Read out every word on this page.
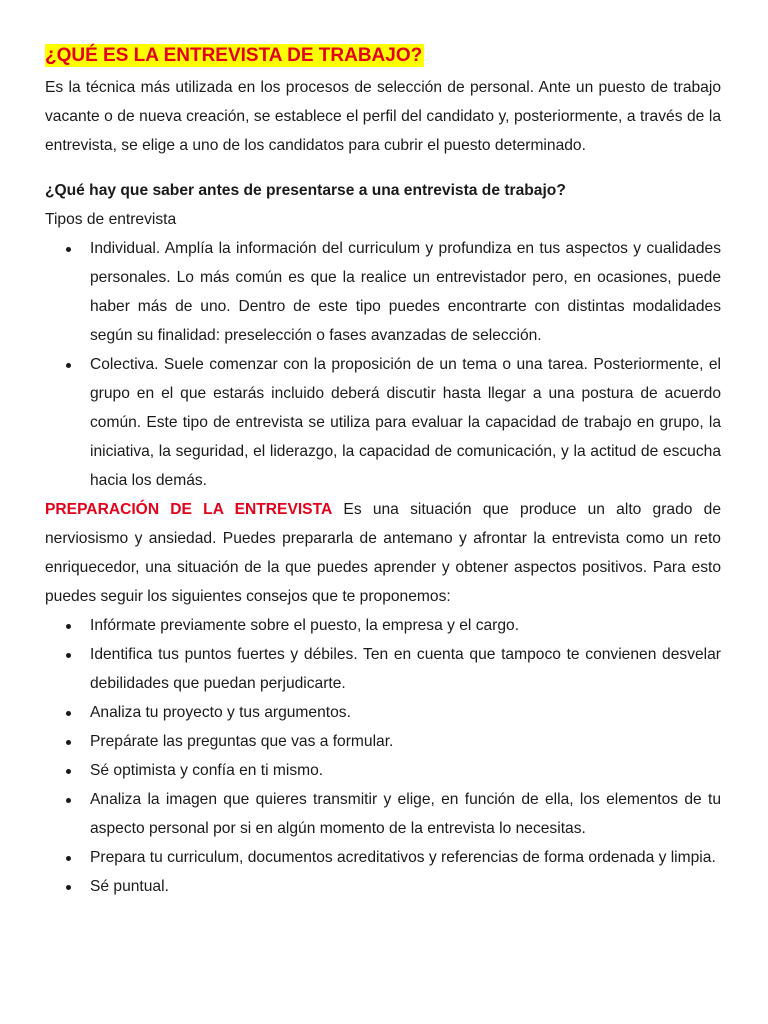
¿QUÉ ES LA ENTREVISTA DE TRABAJO?

Es la técnica más utilizada en los procesos de selección de personal. Ante un puesto de trabajo vacante o de nueva creación, se establece el perfil del candidato y, posteriormente, a través de la entrevista, se elige a uno de los candidatos para cubrir el puesto determinado.

¿Qué hay que saber antes de presentarse a una entrevista de trabajo?

Tipos de entrevista

Individual. Amplía la información del curriculum y profundiza en tus aspectos y cualidades personales. Lo más común es que la realice un entrevistador pero, en ocasiones, puede haber más de uno. Dentro de este tipo puedes encontrarte con distintas modalidades según su finalidad: preselección o fases avanzadas de selección.
Colectiva. Suele comenzar con la proposición de un tema o una tarea. Posteriormente, el grupo en el que estarás incluido deberá discutir hasta llegar a una postura de acuerdo común. Este tipo de entrevista se utiliza para evaluar la capacidad de trabajo en grupo, la iniciativa, la seguridad, el liderazgo, la capacidad de comunicación, y la actitud de escucha hacia los demás.

PREPARACIÓN DE LA ENTREVISTA Es una situación que produce un alto grado de nerviosismo y ansiedad. Puedes prepararla de antemano y afrontar la entrevista como un reto enriquecedor, una situación de la que puedes aprender y obtener aspectos positivos. Para esto puedes seguir los siguientes consejos que te proponemos:

Infórmate previamente sobre el puesto, la empresa y el cargo.
Identifica tus puntos fuertes y débiles. Ten en cuenta que tampoco te convienen desvelar debilidades que puedan perjudicarte.
Analiza tu proyecto y tus argumentos.
Prepárate las preguntas que vas a formular.
Sé optimista y confía en ti mismo.
Analiza la imagen que quieres transmitir y elige, en función de ella, los elementos de tu aspecto personal por si en algún momento de la entrevista lo necesitas.
Prepara tu curriculum, documentos acreditativos y referencias de forma ordenada y limpia.
Sé puntual.
